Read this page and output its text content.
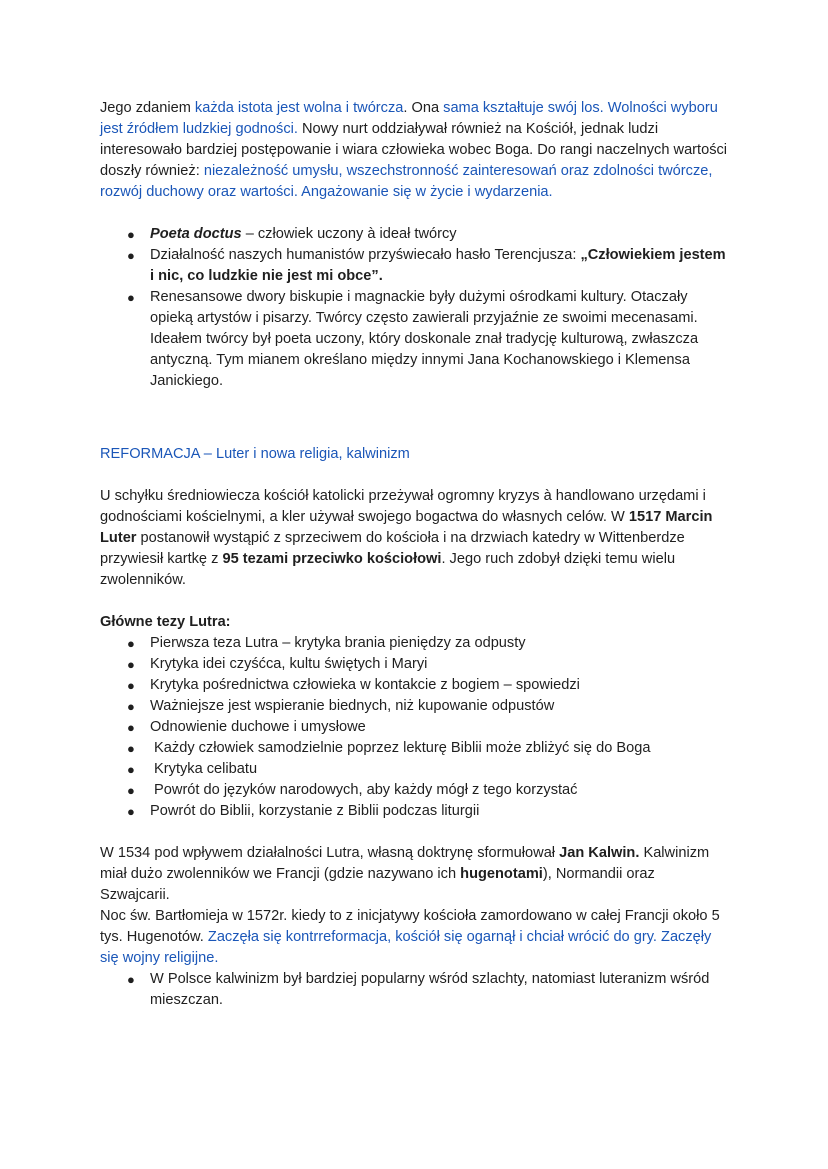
Jego zdaniem każda istota jest wolna i twórcza. Ona sama kształtuje swój los. Wolności wyboru jest źródłem ludzkiej godności. Nowy nurt oddziaływał również na Kościół, jednak ludzi interesowało bardziej postępowanie i wiara człowieka wobec Boga. Do rangi naczelnych wartości doszły również: niezależność umysłu, wszechstronność zainteresowań oraz zdolności twórcze, rozwój duchowy oraz wartości. Angażowanie się w życie i wydarzenia.

● Poeta doctus – człowiek uczony à ideał twórcy
● Działalność naszych humanistów przyświecało hasło Terencjusza: „Człowiekiem jestem i nic, co ludzkie nie jest mi obce”.
● Renesansowe dwory biskupie i magnackie były dużymi ośrodkami kultury. Otaczały opieką artystów i pisarzy. Twórcy często zawierali przyjaźnie ze swoimi mecenasami. Ideałem twórcy był poeta uczony, który doskonale znał tradycję kulturową, zwłaszcza antyczną. Tym mianem określano między innymi Jana Kochanowskiego i Klemensa Janickiego.

REFORMACJA – Luter i nowa religia, kalwinizm

U schyłku średniowiecza kościół katolicki przeżywał ogromny kryzys à handlowano urzędami i godnościami kościelnymi, a kler używał swojego bogactwa do własnych celów. W 1517 Marcin Luter postanowił wystąpić z sprzeciwem do kościoła i na drzwiach katedry w Wittenberdze przywiesił kartkę z 95 tezami przeciwko kościołowi. Jego ruch zdobył dzięki temu wielu zwolenników.

Główne tezy Lutra:

● Pierwsza teza Lutra – krytyka brania pieniędzy za odpusty
● Krytyka idei czyśćca, kultu świętych i Maryi
● Krytyka pośrednictwa człowieka w kontakcie z bogiem – spowiedzi
● Ważniejsze jest wspieranie biednych, niż kupowanie odpustów
● Odnowienie duchowe i umysłowe
● Każdy człowiek samodzielnie poprzez lekturę Biblii może zbliżyć się do Boga
● Krytyka celibatu
● Powrót do języków narodowych, aby każdy mógł z tego korzystać
● Powrót do Biblii, korzystanie z Biblii podczas liturgii

W 1534 pod wpływem działalności Lutra, własną doktrynę sformułował Jan Kalwin. Kalwinizm miał dużo zwolenników we Francji (gdzie nazywano ich hugenotami), Normandii oraz Szwajcarii.

Noc św. Bartłomieja w 1572r. kiedy to z inicjatywy kościoła zamordowano w całej Francji około 5 tys. Hugenotów. Zaczęła się kontrreformacja, kościół się ogarnął i chciał wrócić do gry. Zaczęły się wojny religijne.

● W Polsce kalwinizm był bardziej popularny wśród szlachty, natomiast luteranizm wśród mieszczan.
